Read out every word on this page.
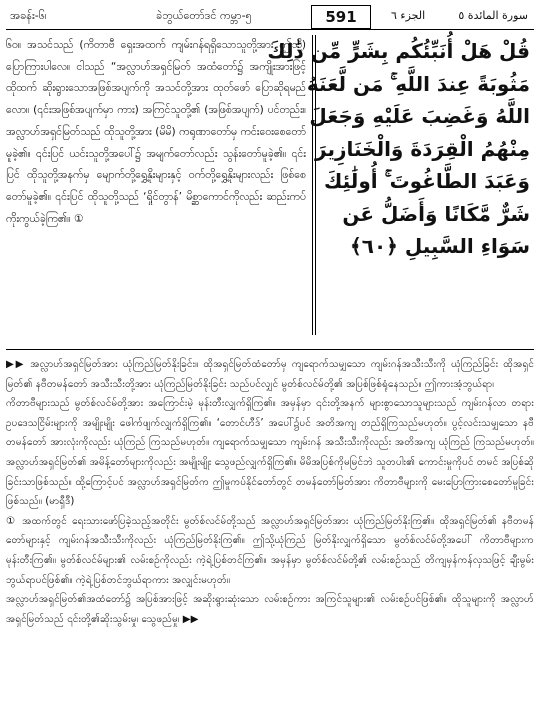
အခန်း-၆၊	ခဲဘွယ်တော်ဒင် ကမ္ဘာ-၅	591	الجزء ٦	سورة المائدة ٥

၆၀။ အသင်သည် (ကိတာဗီ ရှေးအထက် ကျမ်းဂန်ရရှိသောသူတို့အား ဤသို့) ပြောကြားပါလေ။ ငါသည် “အလ္လာဟ်အရှင်မြတ် အထံတော်၌ အကျိုးအားဖြင့် ထိုထက် ဆိုးရွားသောအဖြစ်အပျက်ကို အသင်တို့အား ထုတ်ဖော် ပြောဆိုရမည်လော။ (၎င်းအဖြစ်အပျက်မှာ ကား) အကြင်သူတို့၏ (အဖြစ်အပျက်) ပင်တည်း။ အလ္လာဟ်အရှင်မြတ်သည် ထိုသူတို့အား (မိမိ) ကရုဏာတော်မှ ကင်းဝေးစေတော်မူခဲ့၏။ ၎င်းပြင် ယင်းသူတို့အပေါ်၌ အမျက်တော်လည်း သွန်းတော်မူခဲ့၏။ ၎င်းပြင် ထိုသူတို့အနက်မှ မျောက်တို့ရွှေ့နိုးများနှင့် ဝက်တို့ရွှေ့နိုးများလည်း ဖြစ်စေတော်မူခဲ့၏။ ၎င်းပြင် ထိုသူတို့သည် ‘ရှိုင်တွာန်’ မိစ္ဆာကောင်ကိုလည်း ဆည်းကပ်ကိုးကွယ်ခဲ့ကြ၏။ ①

قُلْ هَلْ أُنَبِّئُكُم بِشَرٍّ مِّن ذَٰلِكَ
مَثُوبَةً عِندَ اللَّهِ ۚ مَن لَّعَنَهُ
اللَّهُ وَغَضِبَ عَلَيْهِ وَجَعَلَ
مِنْهُمُ الْقِرَدَةَ وَالْخَنَازِيرَ
وَعَبَدَ الطَّاغُوتَ ۚ أُولَٰئِكَ
شَرٌّ مَّكَانًا وَأَضَلُّ عَن
سَوَاءِ السَّبِيلِ ﴿٦٠﴾

▶▶ အလ္လာဟ်အရှင်မြတ်အား ယုံကြည်မြတ်နိုးခြင်း။ ထိုအရှင်မြတ်ထံတော်မှ ကျရောက်သမျှသော ကျမ်းဂန်အသီးသီးကို ယုံကြည်ခြင်း ထိုအရှင်မြတ်၏ နဗီတမန်တော် အသီးသီးတို့အား ယုံကြည်မြတ်နိုးခြင်း သည်ပင်လျှင် မွတ်စ်လင်မ်တို့၏ အပြစ်ဖြစ်ရုံနေသည်။ ဤကားအံ့ဘွယ်ရာ၊

ကိတာဗီများသည် မွတ်စ်လင်မ်တို့အား အကြောင်းမဲ့ မုန်းတီးလျှက်ရှိကြ၏။ အမှန်မှာ ၎င်းတို့အနက် များစွာသောသူများသည် ကျမ်းဂန်လာ တရားဥပဒေသငြိမ်းများကို အမျိုးမျိုး ဖေါက်ဖျက်လျှက်ရှိကြ၏။ ‘တောင်ဟီဒ်’ အပေါ်၌ပင် အတိအကျ တည်ရှိကြသည်မဟုတ်။ ပွင့်လင်းသမျှသော နဗီတမန်တော် အားလုံးကိုလည်း ယုံကြည် ကြသည်မဟုတ်။ ကျရောက်သမျှသော ကျမ်းဂန် အသီးသီးကိုလည်း အတိအကျ ယုံကြည် ကြသည်မဟုတ်။ အလ္လာဟ်အရှင်မြတ်၏ အမိန့်တော်များကိုလည်း အမျိုးမျိုး သွေဖည်လျှက်ရှိကြ၏။ မိမိအပြစ်ကိုမမြင်ဘဲ သူတပါး၏ ကောင်းမှုကိုပင် တမင် အပြစ်ဆိုခြင်းသာဖြစ်သည်။ ထို့ကြောင့်ပင် အလ္လာဟ်အရှင်မြတ်က ဤမှုကပ်နိုင်တော်တွင် တမန်တော်မြတ်အား ကိတာဗီများကို မေးပြောကြားစေတော်မူခြင်းဖြစ်သည်။ (မာရှီဒီ)

① အထက်တွင် ရေးသားဖော်ပြခဲ့သည့်အတိုင်း မွတ်စ်လင်မ်တို့သည် အလ္လာဟ်အရှင်မြတ်အား ယုံကြည်မြတ်နိုးကြ၏။ ထိုအရှင်မြတ်၏ နဗီတမန်တော်များနှင့် ကျမ်းဂန်အသီးသီးကိုလည်း ယုံကြည်မြတ်နိုးကြ၏။ ဤသို့ယုံကြည် မြတ်နိုးလျှက်ရှိသော မွတ်စ်လင်မ်တို့အပေါ် ကိတာဗီများက မုန်းတီးကြ၏။ မွတ်စ်လင်မ်များ၏ လမ်းစဥ်ကိုလည်း ကဲ့ရဲ့ပြစ်တင်ကြ၏။ အမှန်မှာ မွတ်စ်လင်မ်တို့၏ လမ်းစဥ်သည် တိကျမှန်ကန်လှသဖြင့် ချီးမွမ်းဘွယ်ရာပင်ဖြစ်၏။ ကဲ့ရဲ့ပြစ်တင်ဘွယ်ရာကား အလျှင်းမဟုတ်။

အလ္လာဟ်အရှင်မြတ်၏အထံတော်၌ အပြစ်အားဖြင့် အဆိုးရွားဆုံးသော လမ်းစဥ်ကား အကြင်သူများ၏ လမ်းစဥ်ပင်ဖြစ်၏။ ထိုသူများကို အလ္လာဟ်အရှင်မြတ်သည် ၎င်းတို့၏ဆိုးသွမ်းမှု၊ သွေဖည်မှု၊ ▶▶
